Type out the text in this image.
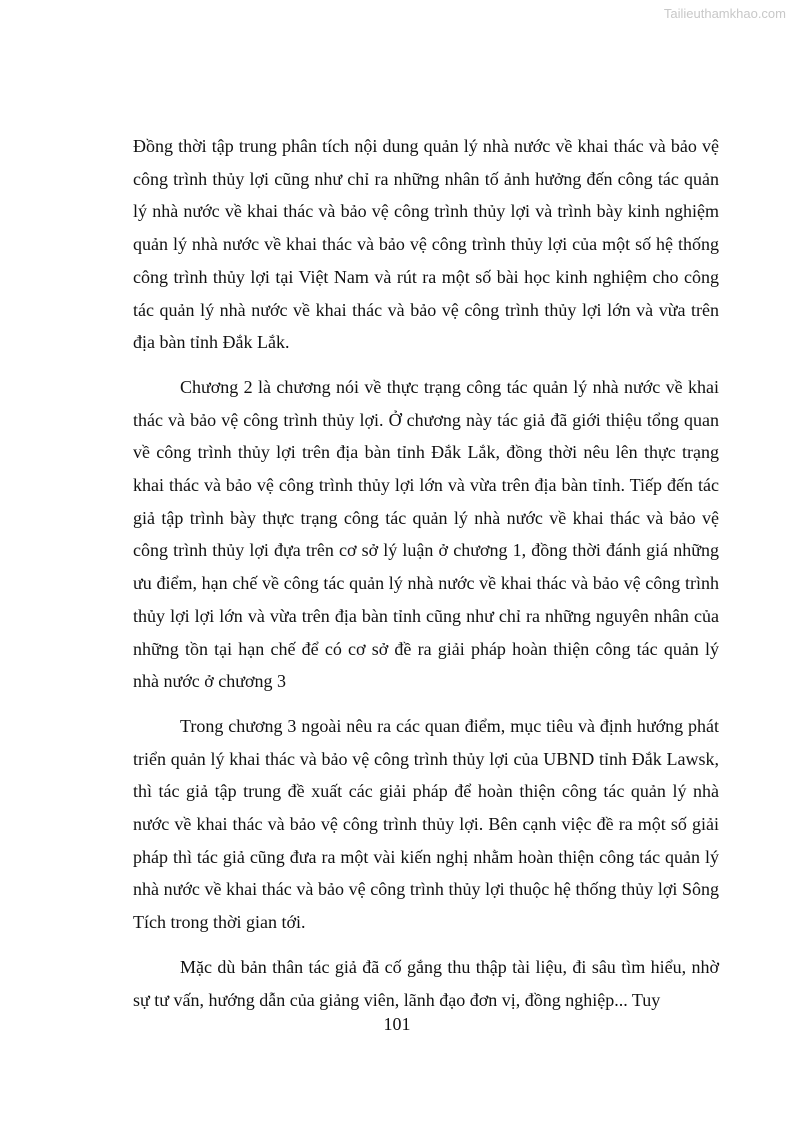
Tailieuthamkhao.com

Đồng thời tập trung phân tích nội dung quản lý nhà nước về khai thác và bảo vệ công trình thủy lợi cũng như chỉ ra những nhân tố ảnh hưởng đến công tác quản lý nhà nước về khai thác và bảo vệ công trình thủy lợi và trình bày kinh nghiệm quản lý nhà nước về khai thác và bảo vệ công trình thủy lợi của một số hệ thống công trình thủy lợi tại Việt Nam và rút ra một số bài học kinh nghiệm cho công tác quản lý nhà nước về khai thác và bảo vệ công trình thủy lợi lớn và vừa trên địa bàn tỉnh Đắk Lắk.

Chương 2 là chương nói về thực trạng công tác quản lý nhà nước về khai thác và bảo vệ công trình thủy lợi. Ở chương này tác giả đã giới thiệu tổng quan về công trình thủy lợi trên địa bàn tỉnh Đắk Lắk, đồng thời nêu lên thực trạng khai thác và bảo vệ công trình thủy lợi lớn và vừa trên địa bàn tỉnh. Tiếp đến tác giả tập trình bày thực trạng công tác quản lý nhà nước về khai thác và bảo vệ công trình thủy lợi đựa trên cơ sở lý luận ở chương 1, đồng thời đánh giá những ưu điểm, hạn chế về công tác quản lý nhà nước về khai thác và bảo vệ công trình thủy lợi lợi lớn và vừa trên địa bàn tỉnh cũng như chỉ ra những nguyên nhân của những tồn tại hạn chế để có cơ sở đề ra giải pháp hoàn thiện công tác quản lý nhà nước ở chương 3

Trong chương 3 ngoài nêu ra các quan điểm, mục tiêu và định hướng phát triển quản lý khai thác và bảo vệ công trình thủy lợi của UBND tỉnh Đắk Lawsk, thì tác giả tập trung đề xuất các giải pháp để hoàn thiện công tác quản lý nhà nước về khai thác và bảo vệ công trình thủy lợi. Bên cạnh việc đề ra một số giải pháp thì tác giả cũng đưa ra một vài kiến nghị nhằm hoàn thiện công tác quản lý nhà nước về khai thác và bảo vệ công trình thủy lợi thuộc hệ thống thủy lợi Sông Tích trong thời gian tới.

Mặc dù bản thân tác giả đã cố gắng thu thập tài liệu, đi sâu tìm hiểu, nhờ sự tư vấn, hướng dẫn của giảng viên, lãnh đạo đơn vị, đồng nghiệp... Tuy

101
